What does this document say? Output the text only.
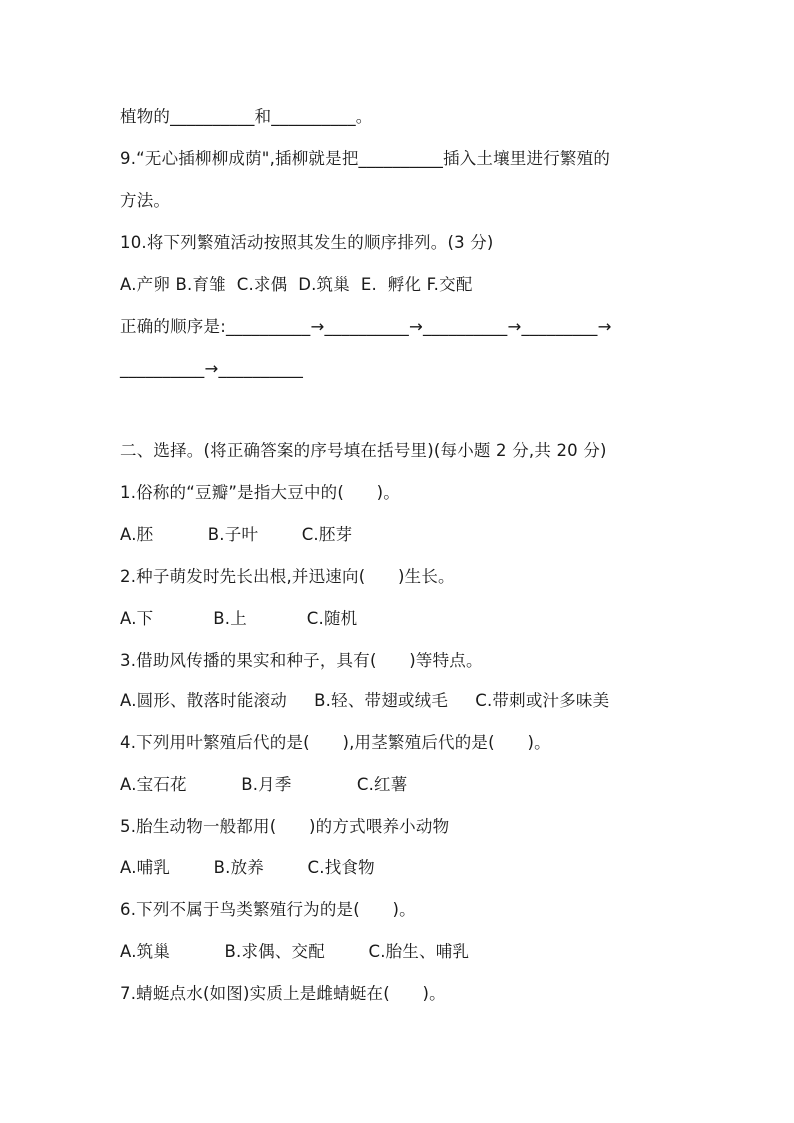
植物的__________和__________。
9.“无心插柳柳成荫",插柳就是把__________插入土壤里进行繁殖的
方法。
10.将下列繁殖活动按照其发生的顺序排列。(3 分)
A.产卵 B.育雏  C.求偶  D.筑巢  E.  孵化 F.交配
正确的顺序是:__________→__________→__________→_________→
__________→__________
二、选择。(将正确答案的序号填在括号里)(每小题 2 分,共 20 分)
1.俗称的“豆瓣”是指大豆中的(      )。
A.胚          B.子叶        C.胚芽
2.种子萌发时先长出根,并迅速向(      )生长。
A.下           B.上           C.随机
3.借助风传播的果实和种子，具有(      )等特点。
A.圆形、散落时能滚动     B.轻、带翅或绒毛     C.带刺或汁多味美
4.下列用叶繁殖后代的是(      ),用茎繁殖后代的是(      )。
A.宝石花          B.月季            C.红薯
5.胎生动物一般都用(      )的方式喂养小动物
A.哺乳        B.放养        C.找食物
6.下列不属于鸟类繁殖行为的是(      )。
A.筑巢          B.求偶、交配        C.胎生、哺乳
7.蜻蜓点水(如图)实质上是雌蜻蜓在(      )。
